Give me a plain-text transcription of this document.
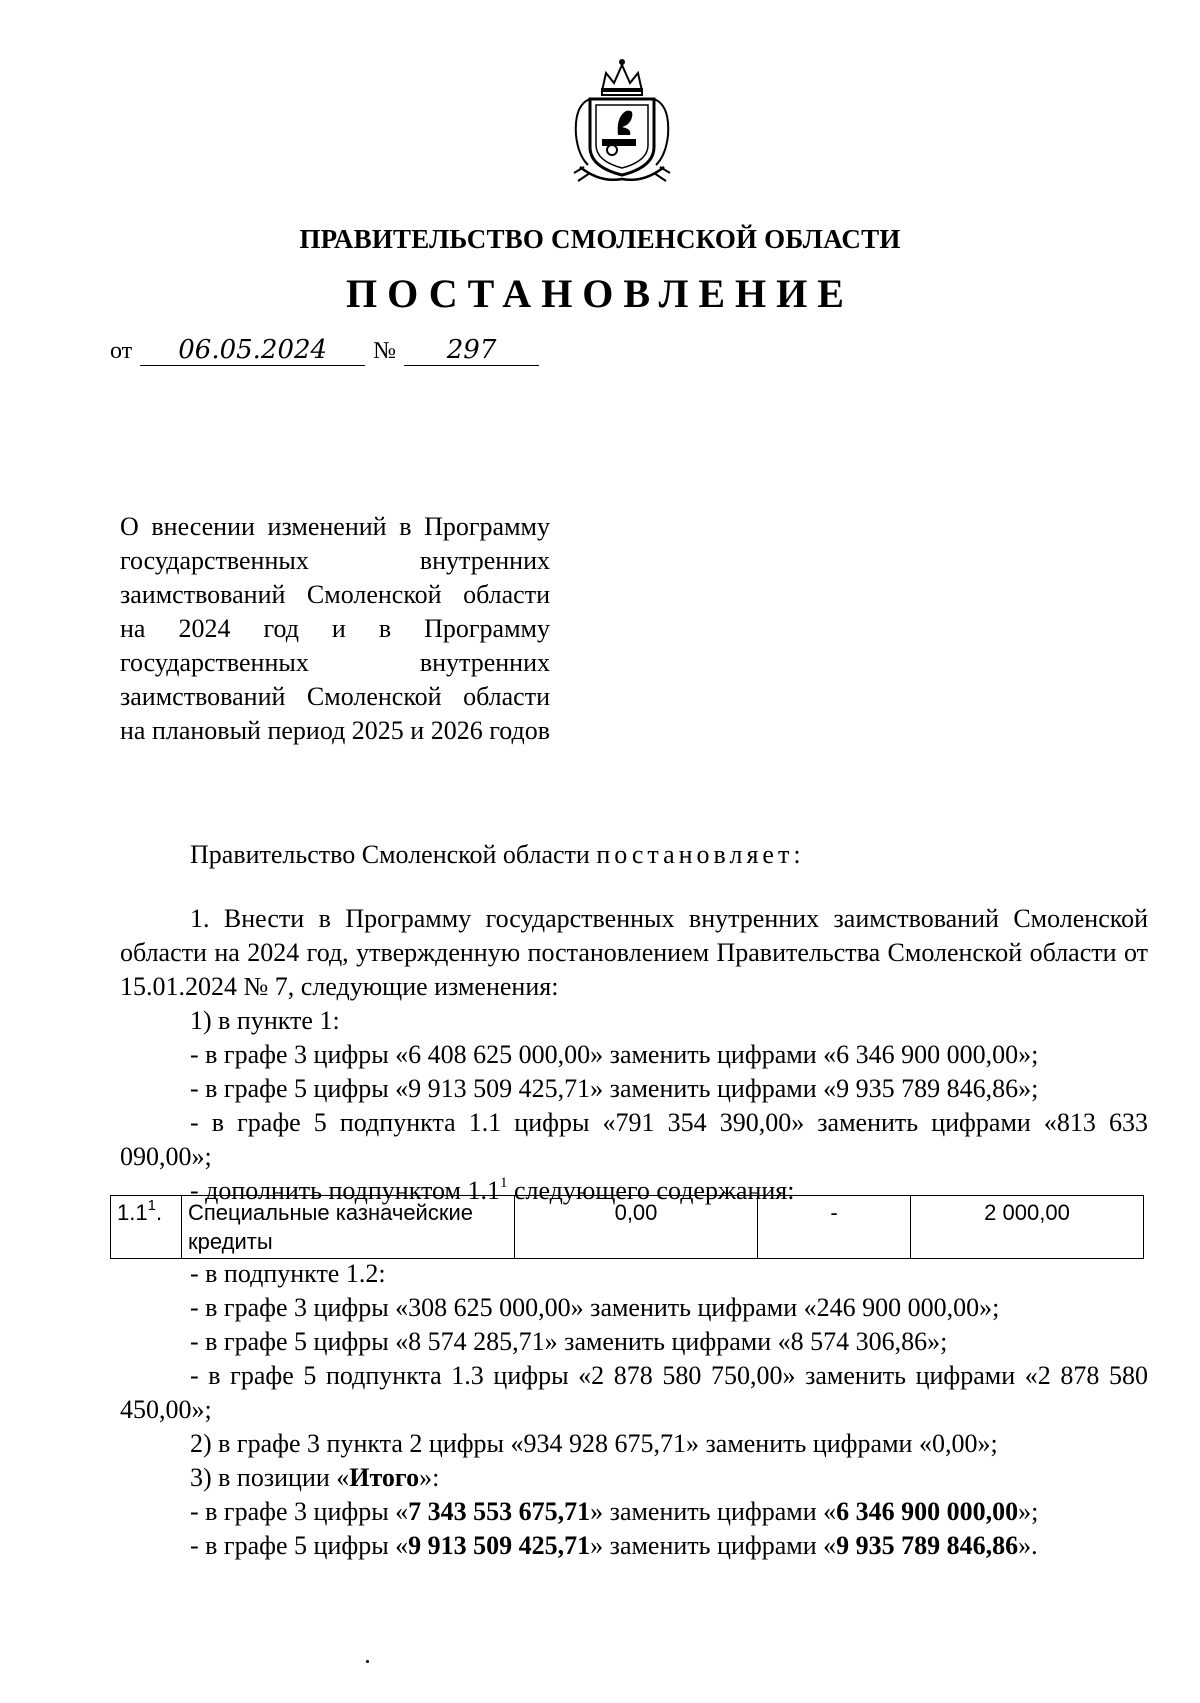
ПРАВИТЕЛЬСТВО СМОЛЕНСКОЙ ОБЛАСТИ
ПОСТАНОВЛЕНИЕ
от 06.05.2024 № 297
О внесении изменений в Программу государственных внутренних заимствований Смоленской области на 2024 год и в Программу государственных внутренних заимствований Смоленской области на плановый период 2025 и 2026 годов
Правительство Смоленской области постановляет:

1. Внести в Программу государственных внутренних заимствований Смоленской области на 2024 год, утвержденную постановлением Правительства Смоленской области от 15.01.2024 № 7, следующие изменения:

1) в пункте 1:

- в графе 3 цифры «6 408 625 000,00» заменить цифрами «6 346 900 000,00»;

- в графе 5 цифры «9 913 509 425,71» заменить цифрами «9 935 789 846,86»;

- в графе 5 подпункта 1.1 цифры «791 354 390,00» заменить цифрами «813 633 090,00»;

- дополнить подпунктом $1.1^1$ следующего содержания:

$1.1^1$.	Специальные казначейские кредиты	0,00	-	2 000,00

- в подпункте 1.2:

- в графе 3 цифры «308 625 000,00» заменить цифрами «246 900 000,00»;

- в графе 5 цифры «8 574 285,71» заменить цифрами «8 574 306,86»;

- в графе 5 подпункта 1.3 цифры «2 878 580 750,00» заменить цифрами «2 878 580 450,00»;

2) в графе 3 пункта 2 цифры «934 928 675,71» заменить цифрами «0,00»;

3) в позиции «Итого»:

- в графе 3 цифры «7 343 553 675,71» заменить цифрами «6 346 900 000,00»;

- в графе 5 цифры «9 913 509 425,71» заменить цифрами «9 935 789 846,86».
